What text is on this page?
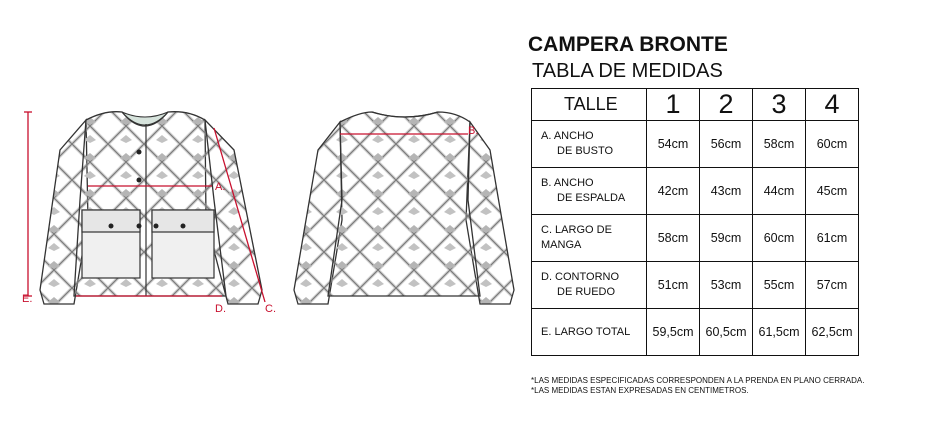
A.
C.
D.
E.
B.
CAMPERA BRONTE
TABLA DE MEDIDAS
TALLE	1	2	3	4

A. ANCHO
DE BUSTO	54cm	56cm	58cm	60cm

B. ANCHO
DE ESPALDA	42cm	43cm	44cm	45cm

C. LARGO DE
MANGA	58cm	59cm	60cm	61cm

D. CONTORNO
DE RUEDO	51cm	53cm	55cm	57cm

E. LARGO TOTAL	59,5cm	60,5cm	61,5cm	62,5cm
*LAS MEDIDAS ESPECIFICADAS CORRESPONDEN A LA PRENDA EN PLANO CERRADA.
*LAS MEDIDAS ESTAN EXPRESADAS EN CENTIMETROS.
